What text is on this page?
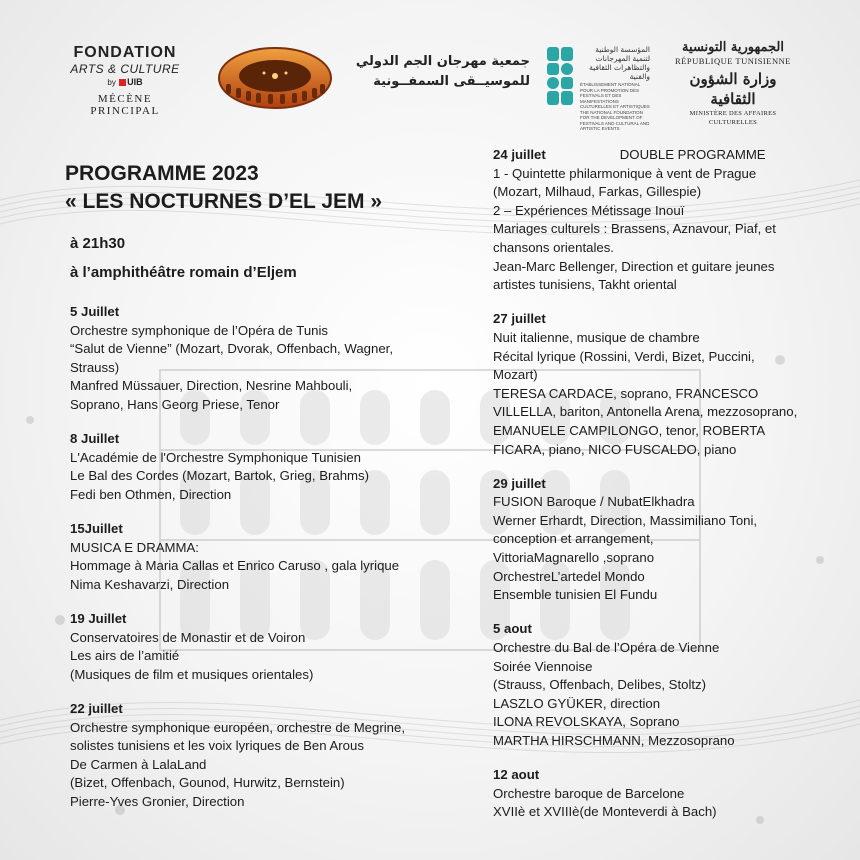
FONDATION
ARTS & CULTURE
by UIB
MÉCÈNE PRINCIPAL
جمعية مهرجان الجم الدولي
للموسيــقى السمفــونية
المؤسسة الوطنية لتنمية المهرجانات والتظاهرات الثقافية والفنية
ÉTABLISSEMENT NATIONAL POUR LA PROMOTION DES FESTIVALS ET DES MANIFESTATIONS CULTURELLES ET ARTISTIQUES
THE NATIONAL FOUNDATION FOR THE DEVELOPMENT OF FESTIVALS AND CULTURAL AND ARTISTIC EVENTS
الجمهورية التونسية
RÉPUBLIQUE TUNISIENNE
وزارة الشؤون الثقافية
MINISTÈRE DES AFFAIRES CULTURELLES
PROGRAMME 2023
« LES NOCTURNES D’EL JEM »
à 21h30
à l’amphithéâtre romain d’Eljem
5 Juillet
Orchestre symphonique de l’Opéra de Tunis
“Salut de Vienne” (Mozart, Dvorak, Offenbach, Wagner,
Strauss)
Manfred Müssauer, Direction, Nesrine Mahbouli,
Soprano, Hans Georg Priese, Tenor
8 Juillet
L'Académie de l'Orchestre Symphonique Tunisien
Le Bal des Cordes (Mozart, Bartok, Grieg, Brahms)
Fedi ben Othmen, Direction
15Juillet
MUSICA E DRAMMA:
Hommage à Maria Callas et Enrico Caruso , gala lyrique
Nima Keshavarzi, Direction
19 Juillet
Conservatoires de Monastir et de Voiron
Les airs de l’amitié
(Musiques de film et musiques orientales)
22 juillet
Orchestre symphonique européen, orchestre de Megrine,
solistes tunisiens et les voix lyriques de Ben Arous
De Carmen à LalaLand
(Bizet, Offenbach, Gounod, Hurwitz, Bernstein)
Pierre-Yves Gronier, Direction
24 juillet	DOUBLE PROGRAMME
1 - Quintette philarmonique à vent de Prague
(Mozart, Milhaud, Farkas, Gillespie)
2 – Expériences Métissage Inouï
Mariages culturels : Brassens, Aznavour, Piaf, et
chansons orientales.
Jean-Marc Bellenger, Direction et guitare jeunes
artistes tunisiens, Takht oriental
27 juillet
Nuit italienne, musique de chambre
Récital lyrique (Rossini, Verdi, Bizet, Puccini,
Mozart)
TERESA CARDACE, soprano, FRANCESCO
VILLELLA, bariton, Antonella Arena, mezzosoprano,
EMANUELE CAMPILONGO, tenor, ROBERTA
FICARA, piano, NICO FUSCALDO, piano
29 juillet
FUSION Baroque / NubatElkhadra
Werner Erhardt, Direction, Massimiliano Toni,
conception et arrangement,
VittoriaMagnarello ,soprano
OrchestreL’artedel Mondo
Ensemble tunisien El Fundu
5 aout
Orchestre du Bal de l’Opéra de Vienne
Soirée Viennoise
(Strauss, Offenbach, Delibes, Stoltz)
LASZLO GYÜKER, direction
ILONA REVOLSKAYA, Soprano
MARTHA HIRSCHMANN, Mezzosoprano
12 aout
Orchestre baroque de Barcelone
XVIIè et XVIIIè(de Monteverdi à Bach)
